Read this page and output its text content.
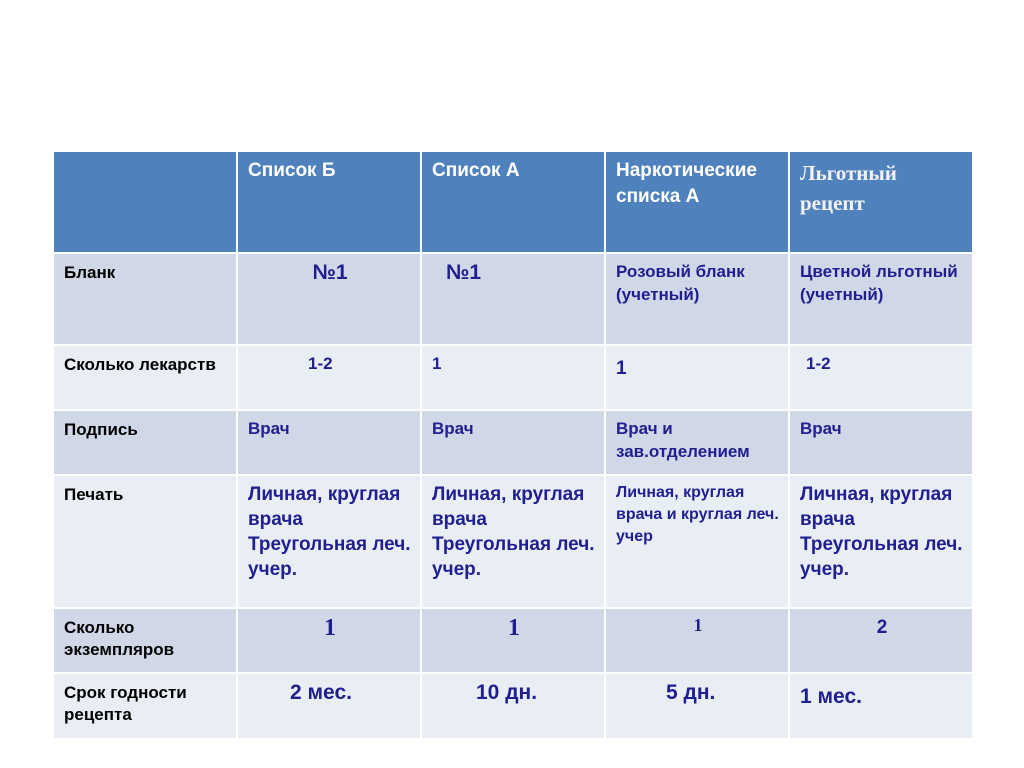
	Список Б	Список А	Наркотические списка А	Льготный рецепт
Бланк	№1	№1	Розовый бланк (учетный)	Цветной льготный (учетный)
Сколько лекарств	1-2	1	1	1-2
Подпись	Врач	Врач	Врач и зав.отделением	Врач
Печать	Личная, круглая врача Треугольная леч. учер.	Личная, круглая врача Треугольная леч. учер.	Личная, круглая врача и круглая леч. учер	Личная, круглая врача Треугольная леч. учер.
Сколько экземпляров	1	1	1	2
Срок годности рецепта	2 мес.	10 дн.	5 дн.	1 мес.
